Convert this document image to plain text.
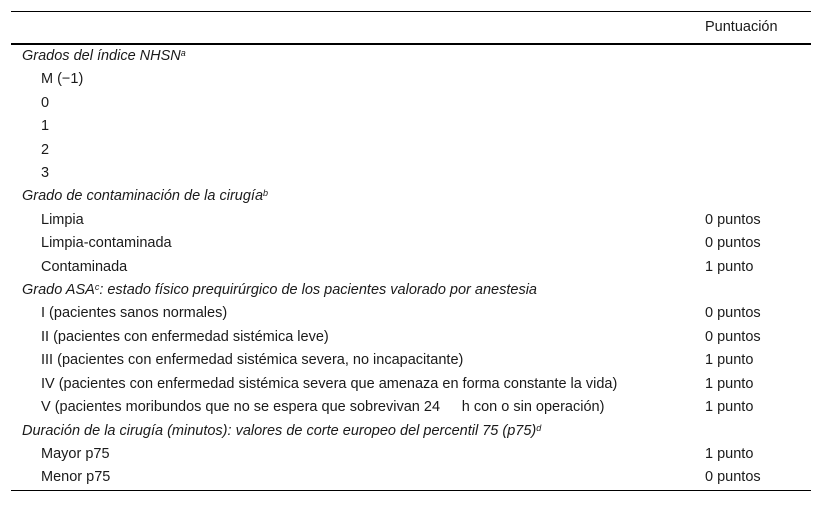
	Puntuación
Grados del índice NHSN$^a$
M (−1)	
0	
1	
2	
3	
Grado de contaminación de la cirugía$^b$
Limpia	0 puntos
Limpia-contaminada	0 puntos
Contaminada	1 punto
Grado ASA$^c$: estado físico prequirúrgico de los pacientes valorado por anestesia	
I (pacientes sanos normales)	0 puntos
II (pacientes con enfermedad sistémica leve)	0 puntos
III (pacientes con enfermedad sistémica severa, no incapacitante)	1 punto
IV (pacientes con enfermedad sistémica severa que amenaza en forma constante la vida)	1 punto
V (pacientes moribundos que no se espera que sobrevivan 24  h con o sin operación)	1 punto
Duración de la cirugía (minutos): valores de corte europeo del percentil 75 $(p75)^d$
Mayor p75	1 punto
Menor p75	0 puntos
